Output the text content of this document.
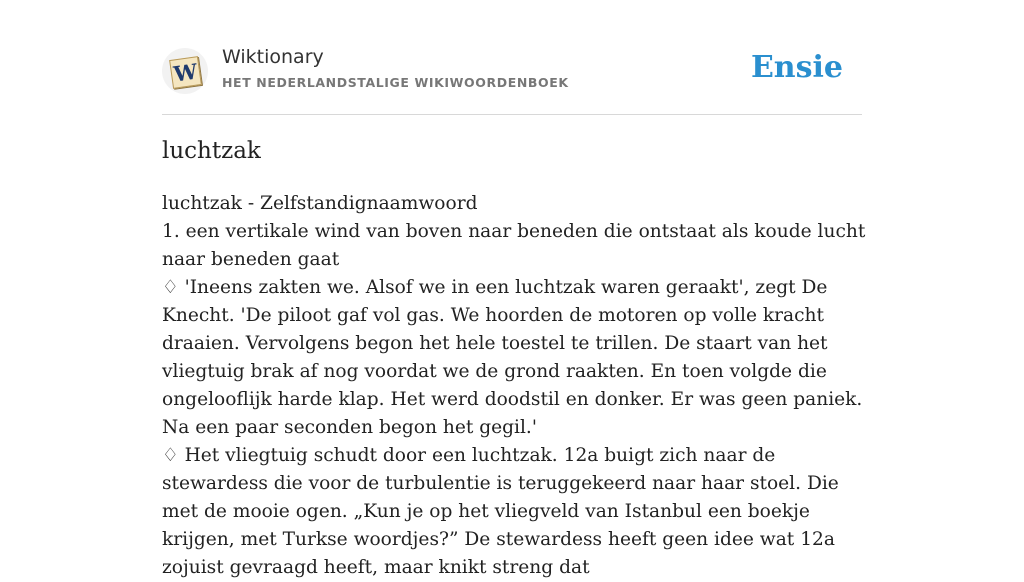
W
Wiktionary
HET NEDERLANDSTALIGE WIKIWOORDENBOEK	Ensie
luchtzak

luchtzak - Zelfstandignaamwoord

1. een vertikale wind van boven naar beneden die ontstaat als koude lucht naar beneden gaat

♢ 'Ineens zakten we. Alsof we in een luchtzak waren geraakt', zegt De Knecht. 'De piloot gaf vol gas. We hoorden de motoren op volle kracht draaien. Vervolgens begon het hele toestel te trillen. De staart van het vliegtuig brak af nog voordat we de grond raakten. En toen volgde die ongelooflijk harde klap. Het werd doodstil en donker. Er was geen paniek. Na een paar seconden begon het gegil.'

♢ Het vliegtuig schudt door een luchtzak. 12a buigt zich naar de stewardess die voor de turbulentie is teruggekeerd naar haar stoel. Die met de mooie ogen. „Kun je op het vliegveld van Istanbul een boekje krijgen, met Turkse woordjes?” De stewardess heeft geen idee wat 12a zojuist gevraagd heeft, maar knikt streng dat
